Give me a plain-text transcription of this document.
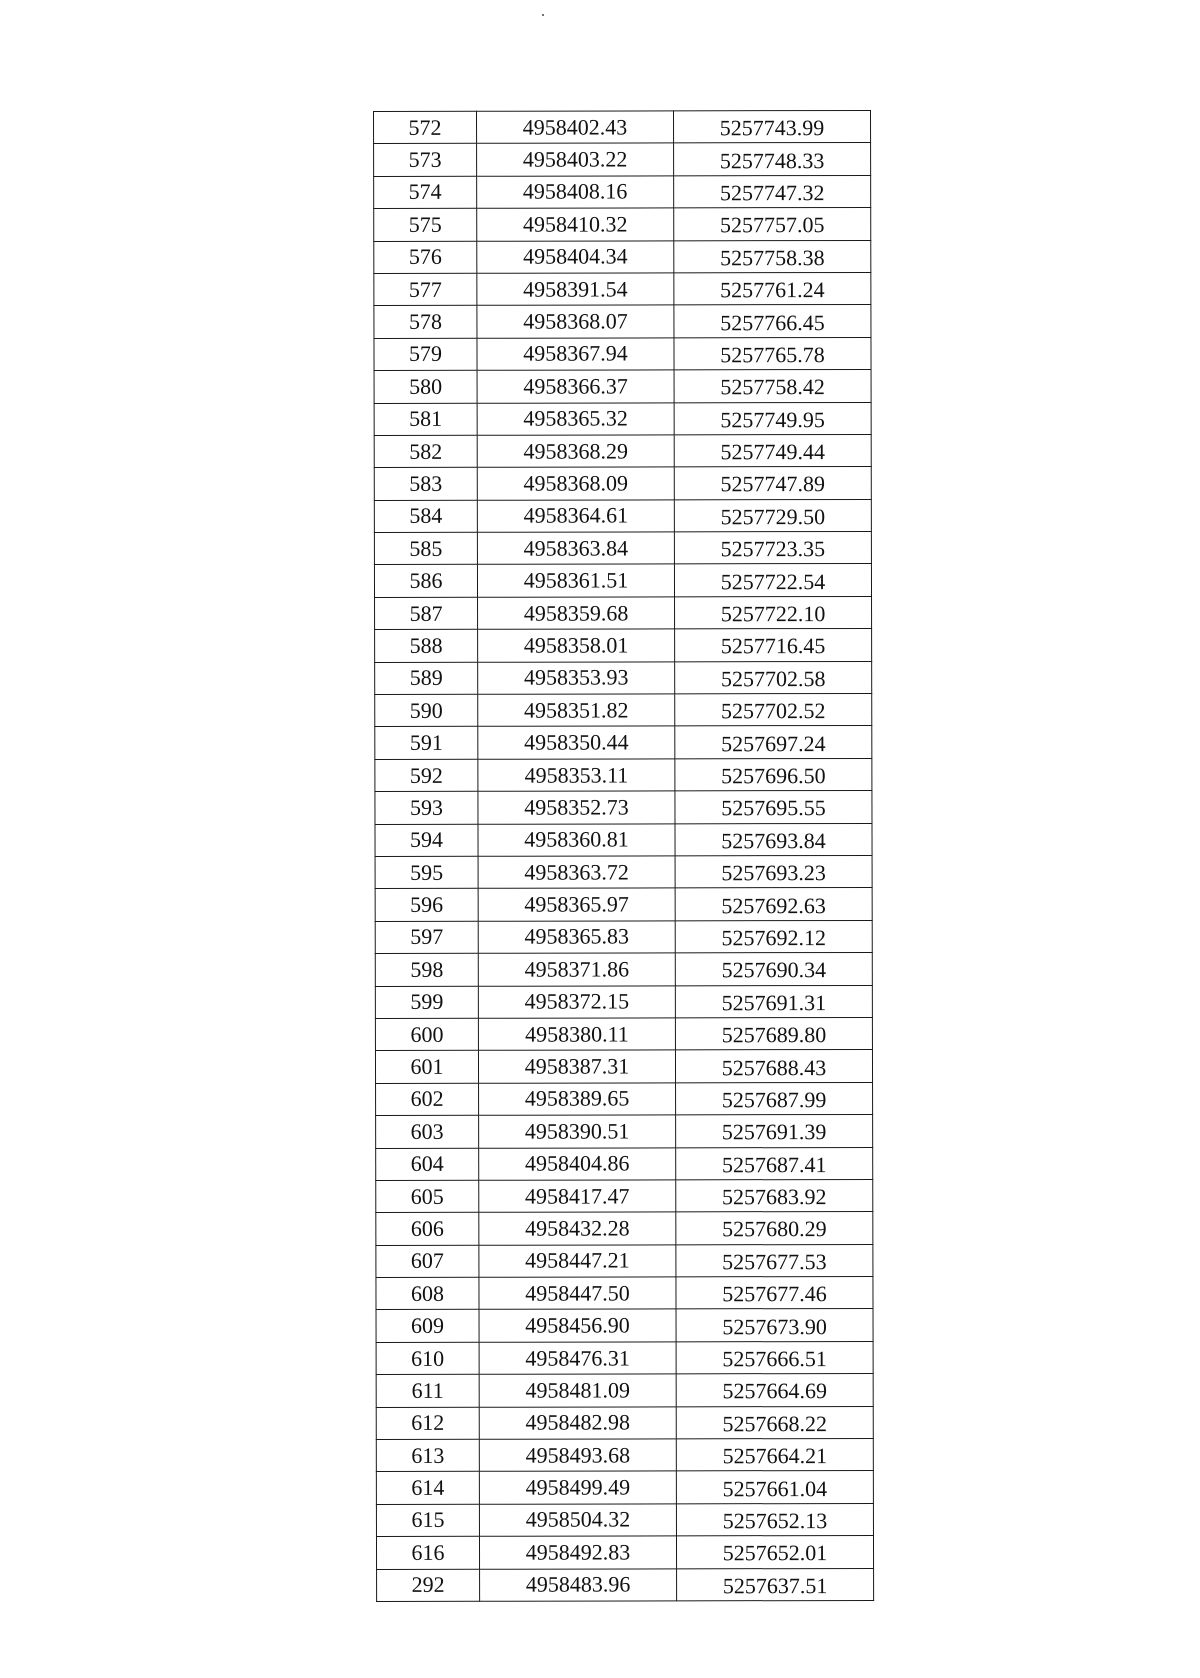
572	4958402.43	5257743.99
573	4958403.22	5257748.33
574	4958408.16	5257747.32
575	4958410.32	5257757.05
576	4958404.34	5257758.38
577	4958391.54	5257761.24
578	4958368.07	5257766.45
579	4958367.94	5257765.78
580	4958366.37	5257758.42
581	4958365.32	5257749.95
582	4958368.29	5257749.44
583	4958368.09	5257747.89
584	4958364.61	5257729.50
585	4958363.84	5257723.35
586	4958361.51	5257722.54
587	4958359.68	5257722.10
588	4958358.01	5257716.45
589	4958353.93	5257702.58
590	4958351.82	5257702.52
591	4958350.44	5257697.24
592	4958353.11	5257696.50
593	4958352.73	5257695.55
594	4958360.81	5257693.84
595	4958363.72	5257693.23
596	4958365.97	5257692.63
597	4958365.83	5257692.12
598	4958371.86	5257690.34
599	4958372.15	5257691.31
600	4958380.11	5257689.80
601	4958387.31	5257688.43
602	4958389.65	5257687.99
603	4958390.51	5257691.39
604	4958404.86	5257687.41
605	4958417.47	5257683.92
606	4958432.28	5257680.29
607	4958447.21	5257677.53
608	4958447.50	5257677.46
609	4958456.90	5257673.90
610	4958476.31	5257666.51
611	4958481.09	5257664.69
612	4958482.98	5257668.22
613	4958493.68	5257664.21
614	4958499.49	5257661.04
615	4958504.32	5257652.13
616	4958492.83	5257652.01
292	4958483.96	5257637.51
